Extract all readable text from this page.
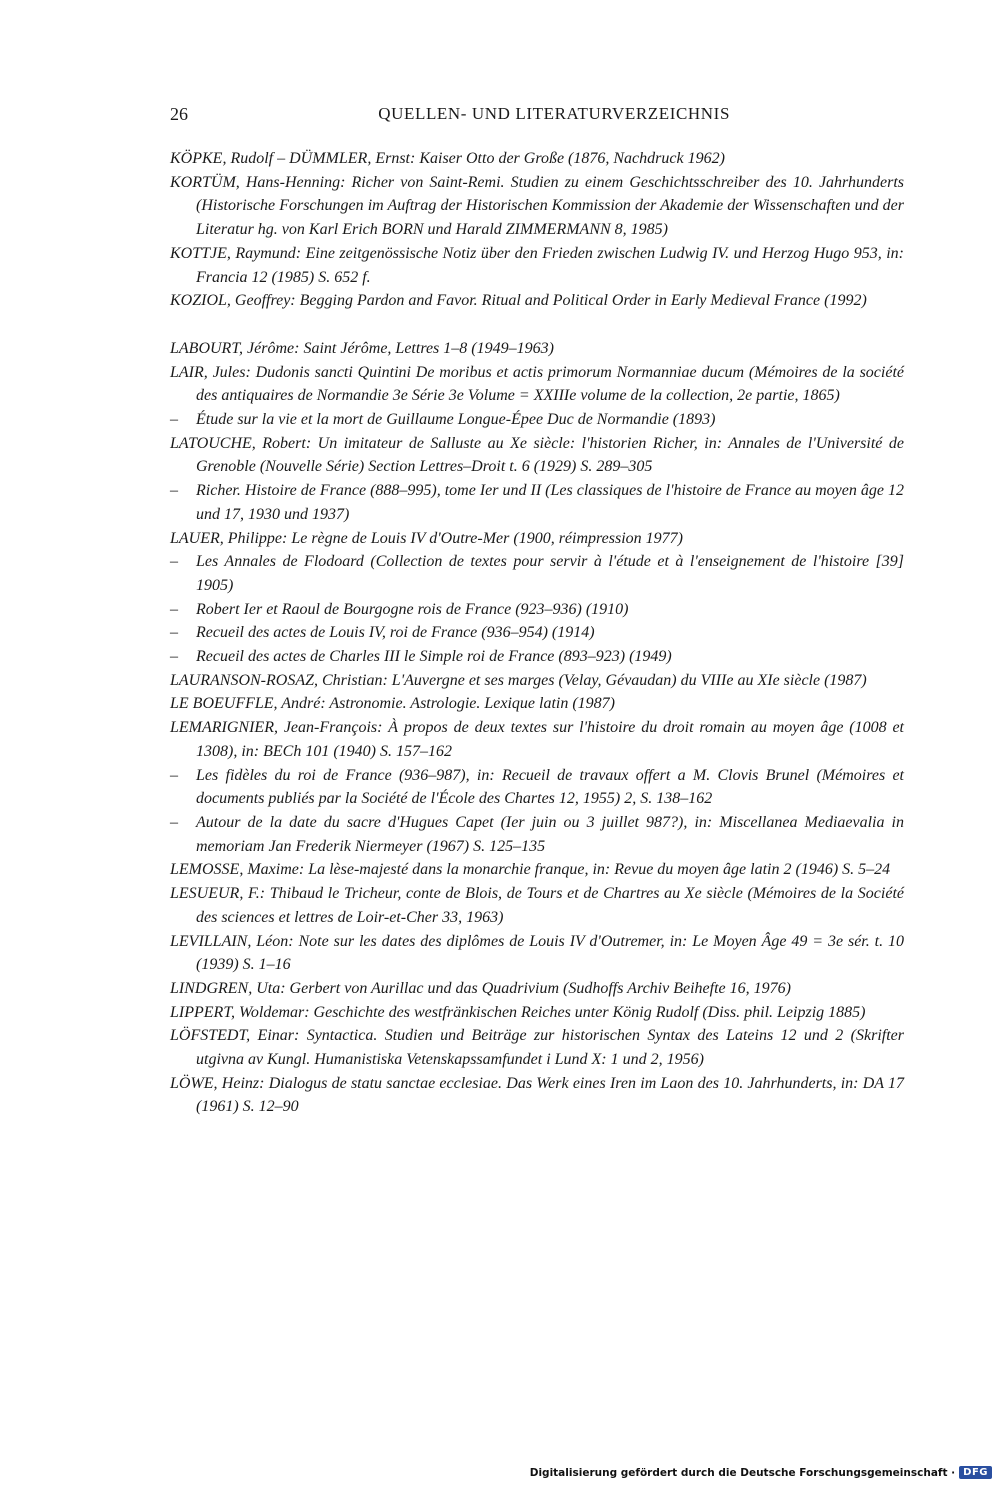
26	QUELLEN- UND LITERATURVERZEICHNIS

KÖPKE, Rudolf – DÜMMLER, Ernst: Kaiser Otto der Große (1876, Nachdruck 1962)

KORTÜM, Hans-Henning: Richer von Saint-Remi. Studien zu einem Geschichtsschreiber des 10. Jahrhunderts (Historische Forschungen im Auftrag der Historischen Kommission der Akademie der Wissenschaften und der Literatur hg. von Karl Erich BORN und Harald ZIMMERMANN 8, 1985)

KOTTJE, Raymund: Eine zeitgenössische Notiz über den Frieden zwischen Ludwig IV. und Herzog Hugo 953, in: Francia 12 (1985) S. 652 f.

KOZIOL, Geoffrey: Begging Pardon and Favor. Ritual and Political Order in Early Medieval France (1992)

LABOURT, Jérôme: Saint Jérôme, Lettres 1–8 (1949–1963)

LAIR, Jules: Dudonis sancti Quintini De moribus et actis primorum Normanniae ducum (Mémoires de la société des antiquaires de Normandie 3e Série 3e Volume = XXIIIe volume de la collection, 2e partie, 1865)

– Étude sur la vie et la mort de Guillaume Longue-Épee Duc de Normandie (1893)

LATOUCHE, Robert: Un imitateur de Salluste au Xe siècle: l'historien Richer, in: Annales de l'Université de Grenoble (Nouvelle Série) Section Lettres–Droit t. 6 (1929) S. 289–305

– Richer. Histoire de France (888–995), tome Ier und II (Les classiques de l'histoire de France au moyen âge 12 und 17, 1930 und 1937)

LAUER, Philippe: Le règne de Louis IV d'Outre-Mer (1900, réimpression 1977)

– Les Annales de Flodoard (Collection de textes pour servir à l'étude et à l'enseignement de l'histoire [39] 1905)

– Robert Ier et Raoul de Bourgogne rois de France (923–936) (1910)

– Recueil des actes de Louis IV, roi de France (936–954) (1914)

– Recueil des actes de Charles III le Simple roi de France (893–923) (1949)

LAURANSON-ROSAZ, Christian: L'Auvergne et ses marges (Velay, Gévaudan) du VIIIe au XIe siècle (1987)

LE BOEUFFLE, André: Astronomie. Astrologie. Lexique latin (1987)

LEMARIGNIER, Jean-François: À propos de deux textes sur l'histoire du droit romain au moyen âge (1008 et 1308), in: BECh 101 (1940) S. 157–162

– Les fidèles du roi de France (936–987), in: Recueil de travaux offert a M. Clovis Brunel (Mémoires et documents publiés par la Société de l'École des Chartes 12, 1955) 2, S. 138–162

– Autour de la date du sacre d'Hugues Capet (Ier juin ou 3 juillet 987?), in: Miscellanea Mediaevalia in memoriam Jan Frederik Niermeyer (1967) S. 125–135

LEMOSSE, Maxime: La lèse-majesté dans la monarchie franque, in: Revue du moyen âge latin 2 (1946) S. 5–24

LESUEUR, F.: Thibaud le Tricheur, conte de Blois, de Tours et de Chartres au Xe siècle (Mémoires de la Société des sciences et lettres de Loir-et-Cher 33, 1963)

LEVILLAIN, Léon: Note sur les dates des diplômes de Louis IV d'Outremer, in: Le Moyen Âge 49 = 3e sér. t. 10 (1939) S. 1–16

LINDGREN, Uta: Gerbert von Aurillac und das Quadrivium (Sudhoffs Archiv Beihefte 16, 1976)

LIPPERT, Woldemar: Geschichte des westfränkischen Reiches unter König Rudolf (Diss. phil. Leipzig 1885)

LÖFSTEDT, Einar: Syntactica. Studien und Beiträge zur historischen Syntax des Lateins 12 und 2 (Skrifter utgivna av Kungl. Humanistiska Vetenskapssamfundet i Lund X: 1 und 2, 1956)

LÖWE, Heinz: Dialogus de statu sanctae ecclesiae. Das Werk eines Iren im Laon des 10. Jahrhunderts, in: DA 17 (1961) S. 12–90

Digitalisierung gefördert durch die Deutsche Forschungsgemeinschaft · DFG
